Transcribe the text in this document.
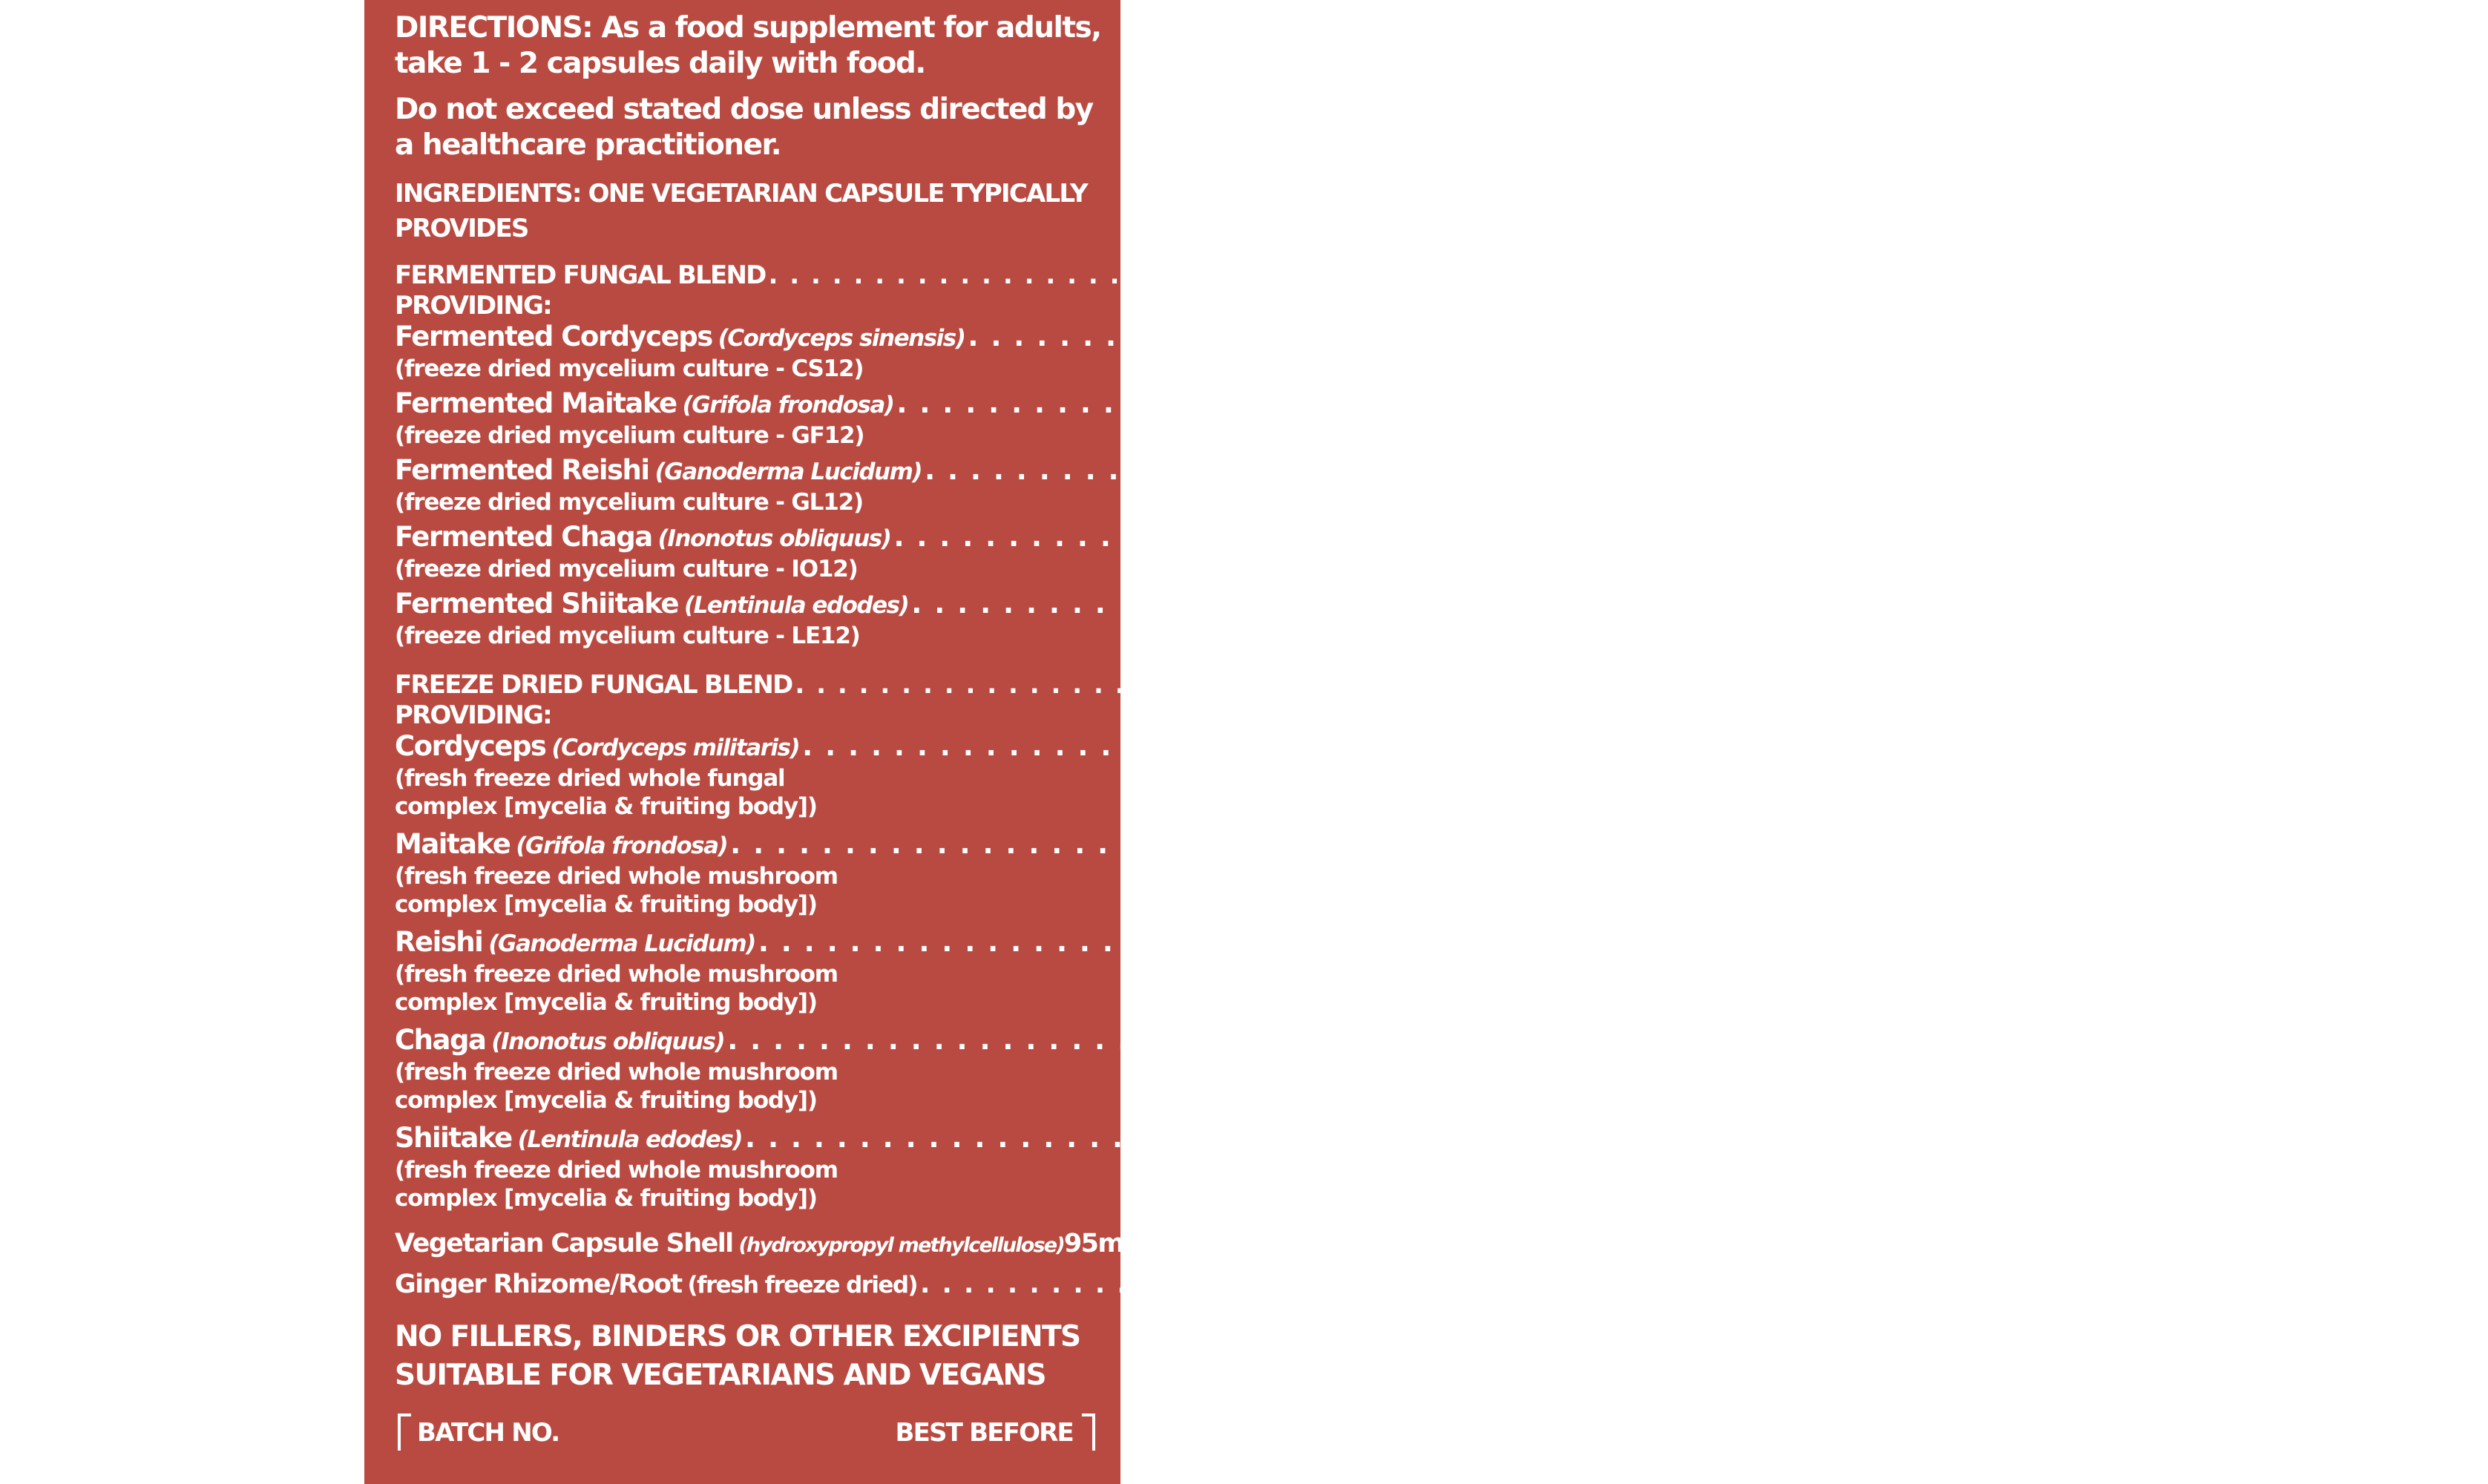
DIRECTIONS: As a food supplement for adults, take 1 - 2 capsules daily with food.

Do not exceed stated dose unless directed by a healthcare practitioner.

INGREDIENTS: ONE VEGETARIAN CAPSULE TYPICALLY PROVIDES
FERMENTED FUNGAL BLEND . . .	300mg
PROVIDING:
Fermented Cordyceps (Cordyceps sinensis) . . .	60mg
(freeze dried mycelium culture - CS12)
Fermented Maitake (Grifola frondosa) . . .	60mg
(freeze dried mycelium culture - GF12)
Fermented Reishi (Ganoderma Lucidum) . . .	60mg
(freeze dried mycelium culture - GL12)
Fermented Chaga (Inonotus obliquus) . . .	60mg
(freeze dried mycelium culture - IO12)
Fermented Shiitake (Lentinula edodes) . . .	60mg
(freeze dried mycelium culture - LE12)
FREEZE DRIED FUNGAL BLEND . . .	100mg
PROVIDING:
Cordyceps (Cordyceps militaris) . . .	20mg
(fresh freeze dried whole fungal
complex [mycelia & fruiting body])
Maitake (Grifola frondosa) . . .	20mg
(fresh freeze dried whole mushroom
complex [mycelia & fruiting body])
Reishi (Ganoderma Lucidum) . . .	20mg
(fresh freeze dried whole mushroom
complex [mycelia & fruiting body])
Chaga (Inonotus obliquus) . . .	20mg
(fresh freeze dried whole mushroom
complex [mycelia & fruiting body])
Shiitake (Lentinula edodes) . . .	20mg
(fresh freeze dried whole mushroom
complex [mycelia & fruiting body])
Vegetarian Capsule Shell (hydroxypropyl methylcellulose) 95mg
Ginger Rhizome/Root (fresh freeze dried) . . .	25mg
NO FILLERS, BINDERS OR OTHER EXCIPIENTS
SUITABLE FOR VEGETARIANS AND VEGANS
BATCH NO.	BEST BEFORE
